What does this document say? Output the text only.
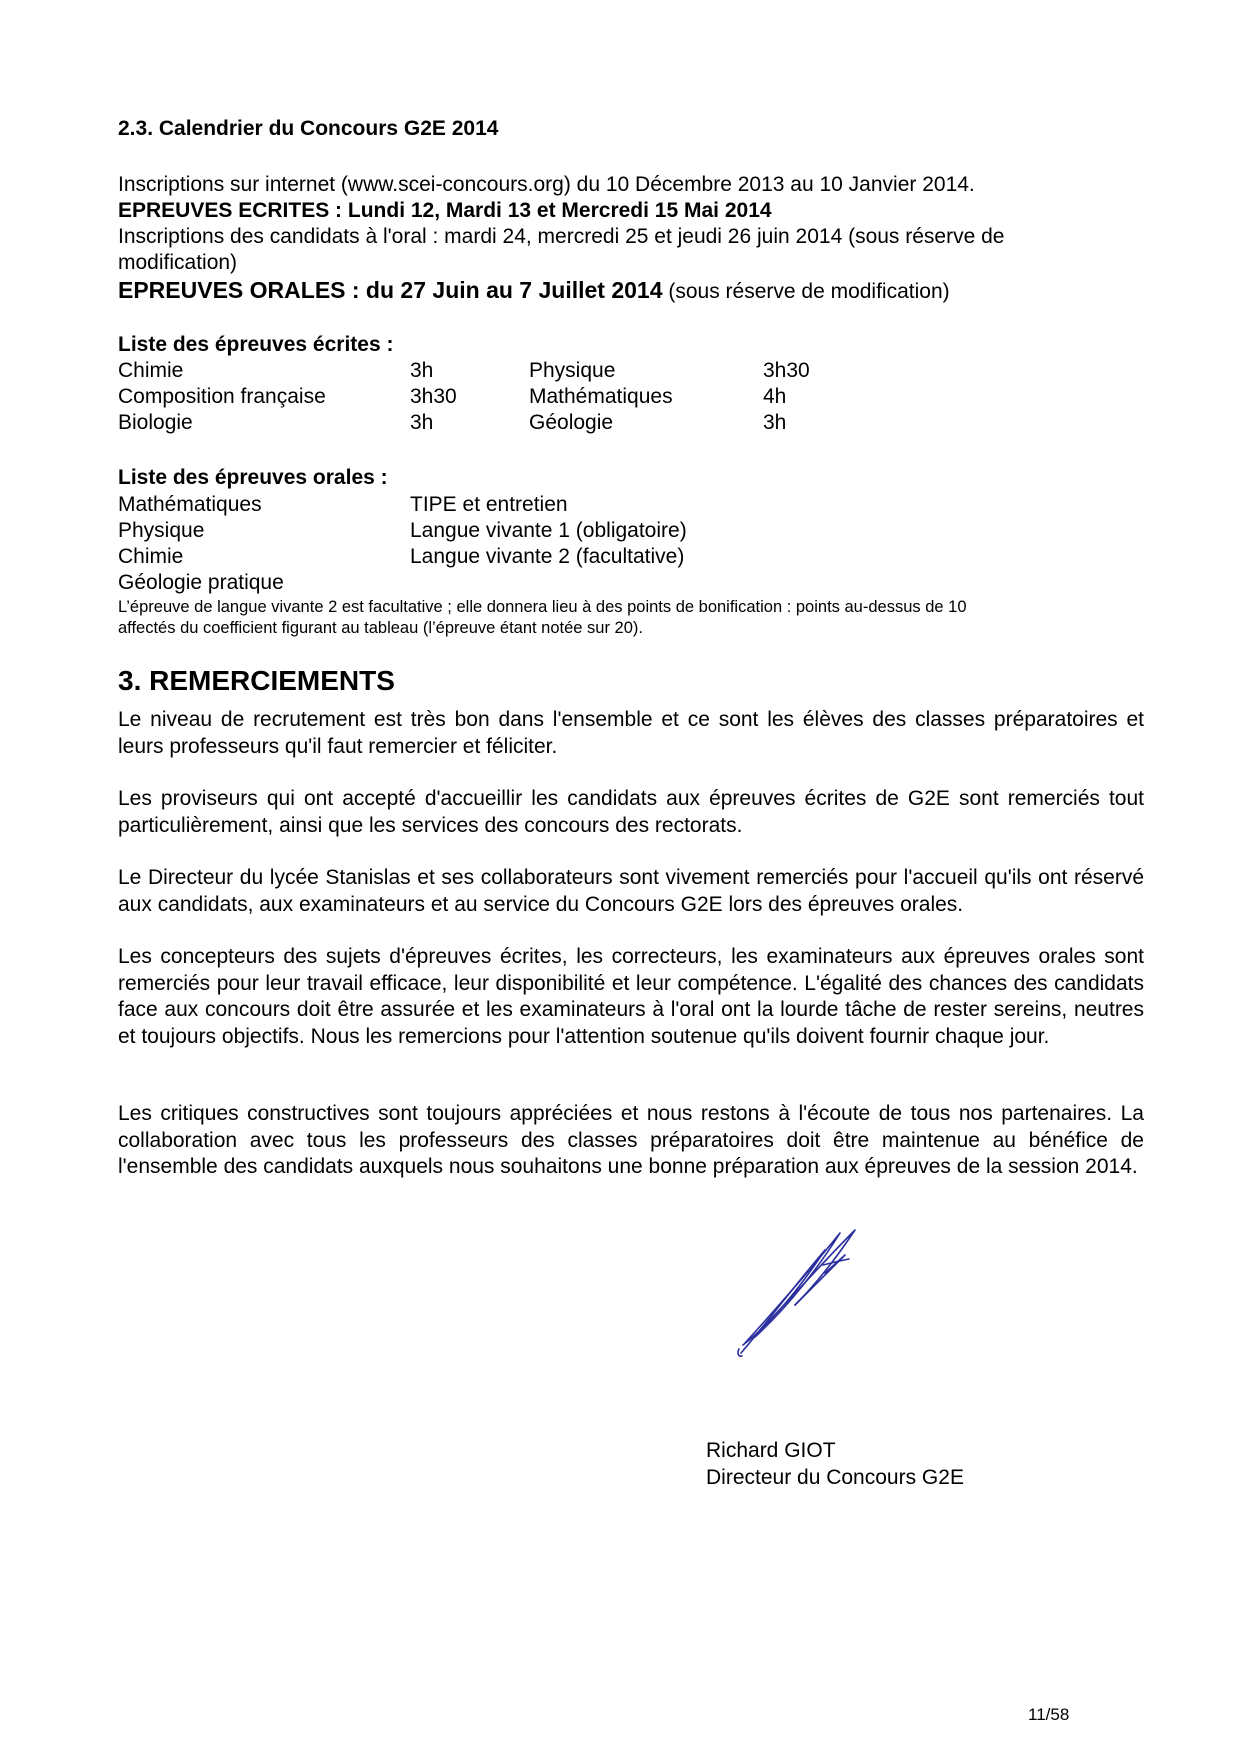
2.3. Calendrier du Concours G2E 2014
Inscriptions sur internet (www.scei-concours.org) du 10 Décembre 2013 au 10 Janvier 2014.
EPREUVES ECRITES : Lundi 12, Mardi 13 et Mercredi 15 Mai 2014
Inscriptions des candidats à l'oral : mardi 24, mercredi 25 et jeudi 26 juin 2014 (sous réserve de
modification)
EPREUVES ORALES : du 27 Juin au 7 Juillet 2014 (sous réserve de modification)
Liste des épreuves écrites :
Chimie	3h	Physique	3h30
Composition française	3h30	Mathématiques	4h
Biologie	3h	Géologie	3h
Liste des épreuves orales :
Mathématiques	TIPE et entretien
Physique	Langue vivante 1 (obligatoire)
Chimie	Langue vivante 2 (facultative)
Géologie pratique
L’épreuve de langue vivante 2 est facultative ; elle donnera lieu à des points de bonification : points au-dessus de 10
affectés du coefficient figurant au tableau (l’épreuve étant notée sur 20).
3. REMERCIEMENTS
Le niveau de recrutement est très bon dans l'ensemble et ce sont les élèves des classes préparatoires et leurs professeurs qu'il faut remercier et féliciter.
Les proviseurs qui ont accepté d'accueillir les candidats aux épreuves écrites de G2E sont remerciés tout particulièrement, ainsi que les services des concours des rectorats.
Le Directeur du lycée Stanislas et ses collaborateurs sont vivement remerciés pour l'accueil qu'ils ont réservé aux candidats, aux examinateurs et au service du Concours G2E lors des épreuves orales.
Les concepteurs des sujets d'épreuves écrites, les correcteurs, les examinateurs aux épreuves orales sont remerciés pour leur travail efficace, leur disponibilité et leur compétence. L'égalité des chances des candidats face aux concours doit être assurée et les examinateurs à l'oral ont la lourde tâche de rester sereins, neutres et toujours objectifs. Nous les remercions pour l'attention soutenue qu'ils doivent fournir chaque jour.
Les critiques constructives sont toujours appréciées et nous restons à l'écoute de tous nos partenaires. La collaboration avec tous les professeurs des classes préparatoires doit être maintenue au bénéfice de l'ensemble des candidats auxquels nous souhaitons une bonne préparation aux épreuves de la session 2014.
Richard GIOT
Directeur du Concours G2E
11/58
